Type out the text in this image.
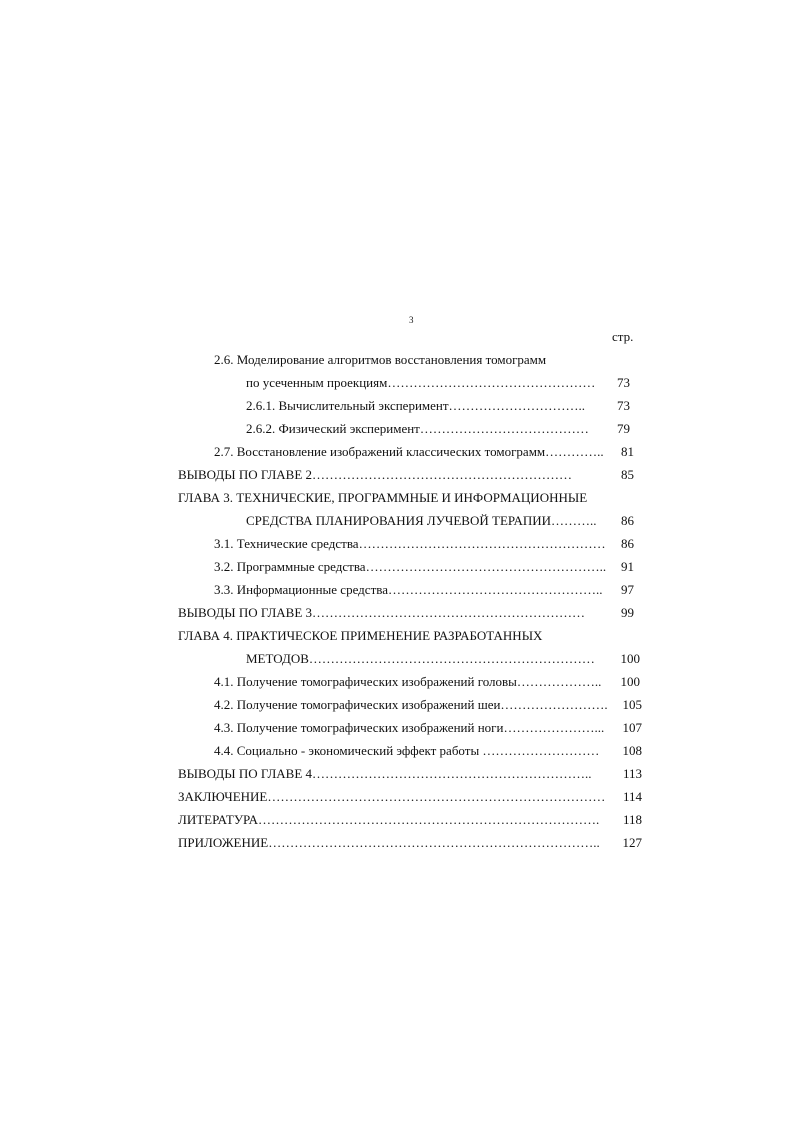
3
стр.
2.6. Моделирование алгоритмов восстановления томограмм
по усеченным проекциям…………………………………………	73
2.6.1. Вычислительный эксперимент…………………………..	73
2.6.2. Физический эксперимент…………………………………	79
2.7. Восстановление изображений классических томограмм…………..	81
ВЫВОДЫ ПО ГЛАВЕ 2……………………………………………………	85
ГЛАВА 3. ТЕХНИЧЕСКИЕ, ПРОГРАММНЫЕ И ИНФОРМАЦИОННЫЕ
СРЕДСТВА ПЛАНИРОВАНИЯ ЛУЧЕВОЙ ТЕРАПИИ………..	86
3.1. Технические средства…………………………………………………	86
3.2. Программные средства………………………………………………..	91
3.3. Информационные средства…………………………………………..	97
ВЫВОДЫ ПО ГЛАВЕ 3………………………………………………………	99
ГЛАВА 4. ПРАКТИЧЕСКОЕ ПРИМЕНЕНИЕ РАЗРАБОТАННЫХ
МЕТОДОВ…………………………………………………………	100
4.1. Получение томографических изображений головы………………..	100
4.2. Получение томографических изображений шеи…………………….	105
4.3. Получение томографических изображений ноги…………………...	107
4.4. Социально - экономический эффект работы ………………………	108
ВЫВОДЫ ПО ГЛАВЕ 4………………………………………………………..	113
ЗАКЛЮЧЕНИЕ……………………………………………………………………	114
ЛИТЕРАТУРА…………………………………………………………………….	118
ПРИЛОЖЕНИЕ…………………………………………………………………..	127
